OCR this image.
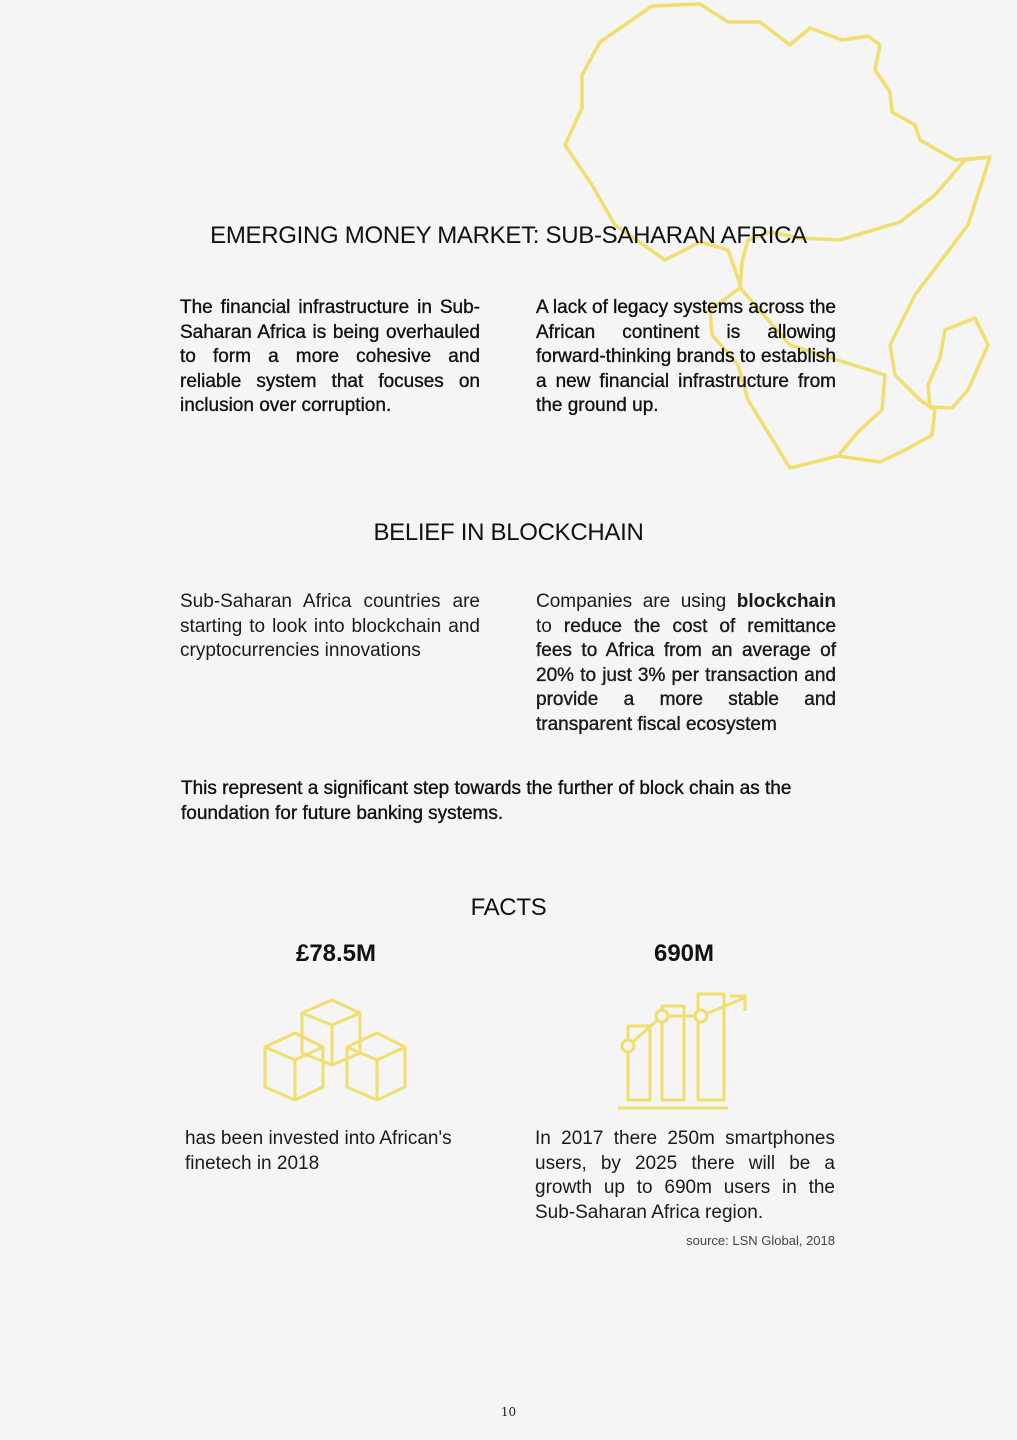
EMERGING MONEY MARKET: SUB-SAHARAN AFRICA

The financial infrastructure in Sub-Saharan Africa is being overhauled to form a more cohesive and reliable system that focuses on inclusion over corruption.

A lack of legacy systems across the African continent is allowing forward-thinking brands to establish a new financial infrastructure from the ground up.

BELIEF IN BLOCKCHAIN

Sub-Saharan Africa countries are starting to look into blockchain and cryptocurrencies innovations

Companies are using blockchain to reduce the cost of remittance fees to Africa from an average of 20% to just 3% per transaction and provide a more stable and transparent fiscal ecosystem

This represent a significant step towards the further of block chain as the foundation for future banking systems.

FACTS

£78.5M	690M

has been invested into African's finetech in 2018

In 2017 there 250m smartphones users, by 2025 there will be a growth up to 690m users in the Sub-Saharan Africa region.

source: LSN Global, 2018

10
